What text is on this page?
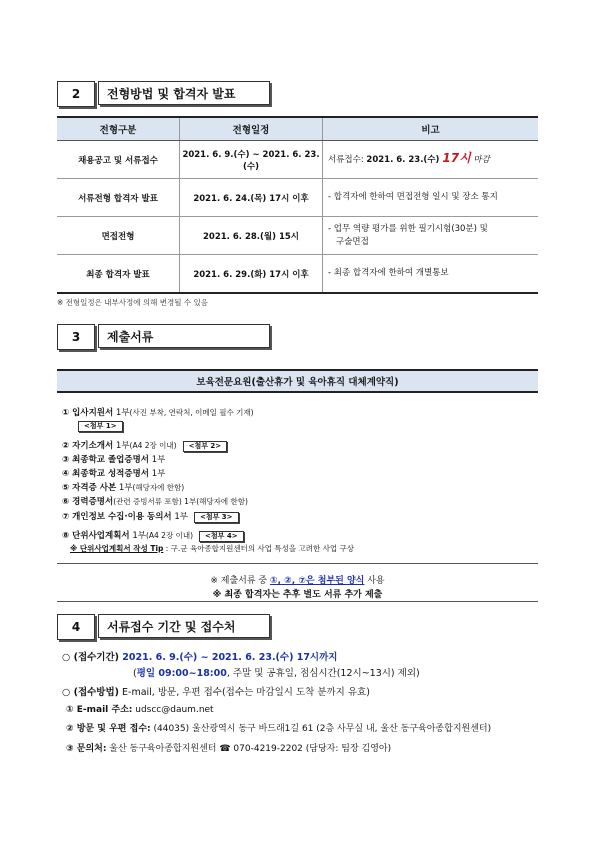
2	전형방법 및 합격자 발표
전형구분	전형일정	비고
채용공고 및 서류접수	2021. 6. 9.(수) ~ 2021. 6. 23.(수)	서류접수: 2021. 6. 23.(수) 17시 마감
서류전형 합격자 발표	2021. 6. 24.(목) 17시 이후	- 합격자에 한하여 면접전형 일시 및 장소 통지
면접전형	2021. 6. 28.(월) 15시	- 업무 역량 평가를 위한 필기시험(30분) 및
구술면접

최종 합격자 발표	2021. 6. 29.(화) 17시 이후	- 최종 합격자에 한하여 개별통보
※ 전형일정은 내부사정에 의해 변경될 수 있음
3	제출서류
보육전문요원(출산휴가 및 육아휴직 대체계약직)
① 입사지원서 1부(사진 부착, 연락처, 이메일 필수 기재)
<첨부 1>
② 자기소개서 1부(A4 2장 이내) <첨부 2>
③ 최종학교 졸업증명서 1부
④ 최종학교 성적증명서 1부
⑤ 자격증 사본 1부(해당자에 한함)
⑥ 경력증명서(관련 증빙서류 포함) 1부(해당자에 한함)
⑦ 개인정보 수집·이용 동의서 1부 <첨부 3>
⑧ 단위사업계획서 1부(A4 2장 이내) <첨부 4>
※ 단위사업계획서 작성 Tip : 구.군 육아종합지원센터의 사업 특성을 고려한 사업 구상
※ 제출서류 중 ①, ②, ⑦은 첨부된 양식 사용
※ 최종 합격자는 추후 별도 서류 추가 제출
4	서류접수 기간 및 접수처
○ (접수기간) 2021. 6. 9.(수) ~ 2021. 6. 23.(수) 17시까지
(평일 09:00~18:00, 주말 및 공휴일, 점심시간(12시~13시) 제외)
○ (접수방법) E-mail, 방문, 우편 접수(접수는 마감일시 도착 분까지 유효)
① E-mail 주소: udscc@daum.net
② 방문 및 우편 접수: (44035) 울산광역시 동구 바드래1길 61 (2층 사무실 내, 울산 동구육아종합지원센터)
③ 문의처: 울산 동구육아종합지원센터 ☎ 070-4219-2202 (담당자: 팀장 김영아)
